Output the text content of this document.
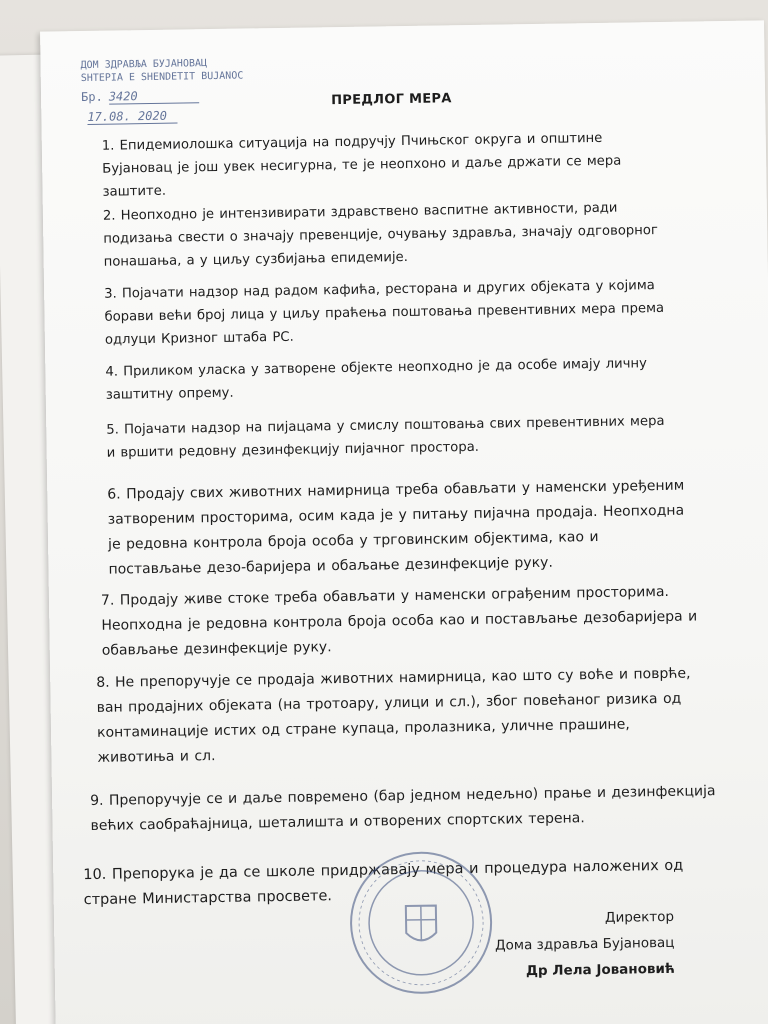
ДОМ ЗДРАВЉА БУЈАНОВАЦ
SHTEPIA E SHENDETIT BUJANOC
Бр. 3420
17.08. 2020
ПРЕДЛОГ МЕРА
1. Епидемиолошка ситуација на подручју Пчињског округа и општине Бујановац је још увек несигурна, те је неопхоно и даље држати се мера заштите.
2. Неопходно је интензивирати здравствено васпитне активности, ради подизања свести о значају превенције, очувању здравља, значају одговорног понашања, а у циљу сузбијања епидемије.
3. Појачати надзор над радом кафића, ресторана и других објеката у којима борави већи број лица у циљу праћења поштовања превентивних мера према одлуци Кризног штаба РС.
4. Приликом уласка у затворене објекте неопходно је да особе имају личну заштитну опрему.
5. Појачати надзор на пијацама у смислу поштовања свих превентивних мера и вршити редовну дезинфекцију пијачног простора.
6. Продају свих животних намирница треба обављати у наменски уређеним затвореним просторима, осим када је у питању пијачна продаја. Неопходна је редовна контрола броја особа у трговинским објектима, као и постављање дезо-баријера и обаљање дезинфекције руку.
7. Продају живе стоке треба обављати у наменски ограђеним просторима. Неопходна је редовна контрола броја особа као и постављање дезобаријера и обављање дезинфекције руку.
8. Не препоручује се продаја животних намирница, као што су воће и поврће, ван продајних објеката (на тротоару, улици и сл.), због повећаног ризика од контаминације истих од стране купаца, пролазника, уличне прашине, животиња и сл.
9. Препоручује се и даље повремено (бар једном недељно) прање и дезинфекција већих саобраћајница, шеталишта и отворених спортских терена.
10. Препорука је да се школе придржавају мера и процедура наложених од стране Министарства просвете.
Директор
Дома здравља Бујановац
Др Лела Јовановић
